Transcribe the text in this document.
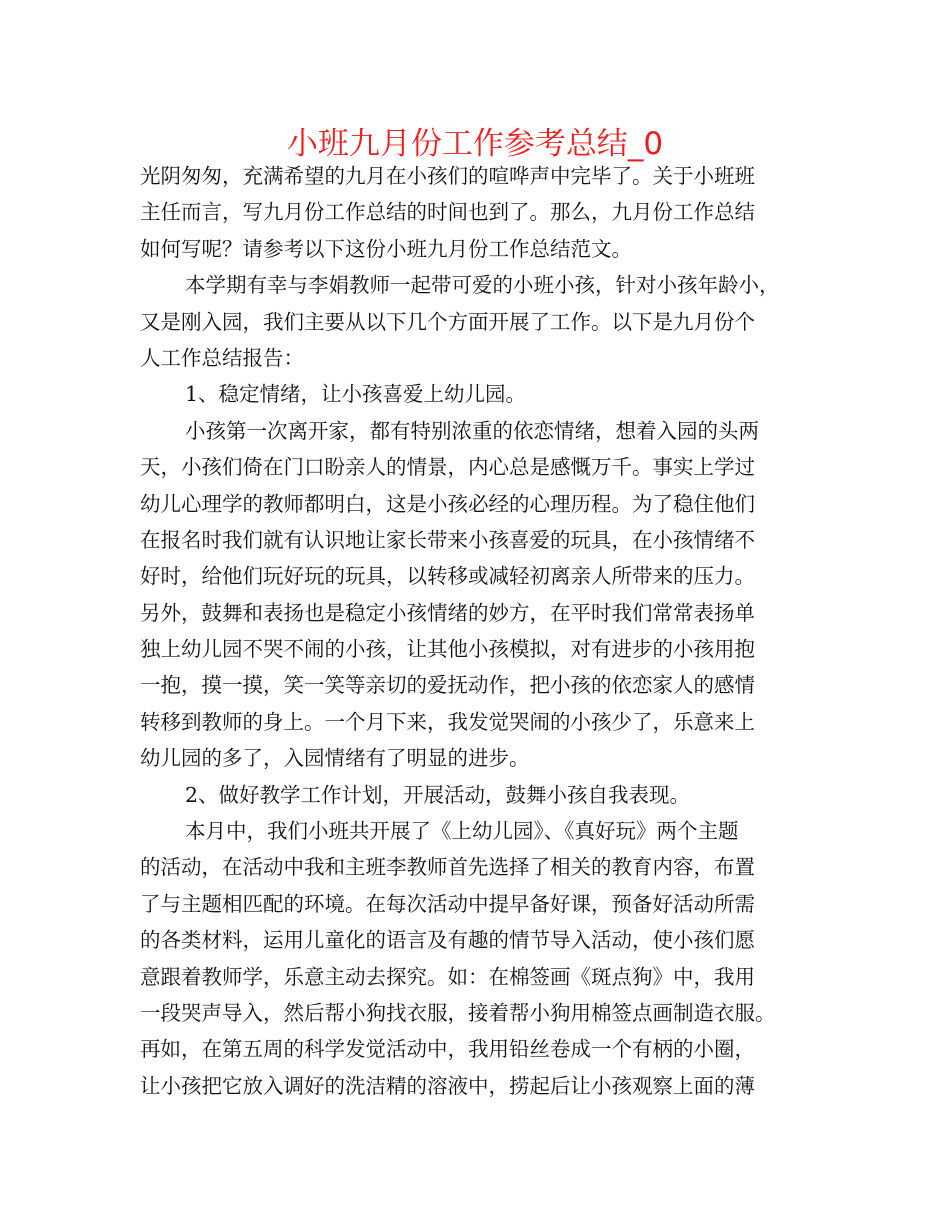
小班九月份工作参考总结_0
光阴匆匆，充满希望的九月在小孩们的喧哗声中完毕了。关于小班班
主任而言，写九月份工作总结的时间也到了。那么，九月份工作总结
如何写呢？请参考以下这份小班九月份工作总结范文。
本学期有幸与李娟教师一起带可爱的小班小孩，针对小孩年龄小，
又是刚入园，我们主要从以下几个方面开展了工作。以下是九月份个
人工作总结报告：
1、稳定情绪，让小孩喜爱上幼儿园。
小孩第一次离开家，都有特别浓重的依恋情绪，想着入园的头两
天，小孩们倚在门口盼亲人的情景，内心总是感慨万千。事实上学过
幼儿心理学的教师都明白，这是小孩必经的心理历程。为了稳住他们
在报名时我们就有认识地让家长带来小孩喜爱的玩具，在小孩情绪不
好时，给他们玩好玩的玩具，以转移或减轻初离亲人所带来的压力。
另外，鼓舞和表扬也是稳定小孩情绪的妙方，在平时我们常常表扬单
独上幼儿园不哭不闹的小孩，让其他小孩模拟，对有进步的小孩用抱
一抱，摸一摸，笑一笑等亲切的爱抚动作，把小孩的依恋家人的感情
转移到教师的身上。一个月下来，我发觉哭闹的小孩少了，乐意来上
幼儿园的多了，入园情绪有了明显的进步。
2、做好教学工作计划，开展活动，鼓舞小孩自我表现。
本月中，我们小班共开展了《上幼儿园》、《真好玩》两个主题
的活动，在活动中我和主班李教师首先选择了相关的教育内容，布置
了与主题相匹配的环境。在每次活动中提早备好课，预备好活动所需
的各类材料，运用儿童化的语言及有趣的情节导入活动，使小孩们愿
意跟着教师学，乐意主动去探究。如：在棉签画《斑点狗》中，我用
一段哭声导入，然后帮小狗找衣服，接着帮小狗用棉签点画制造衣服。
再如，在第五周的科学发觉活动中，我用铅丝卷成一个有柄的小圈，
让小孩把它放入调好的洗洁精的溶液中，捞起后让小孩观察上面的薄
